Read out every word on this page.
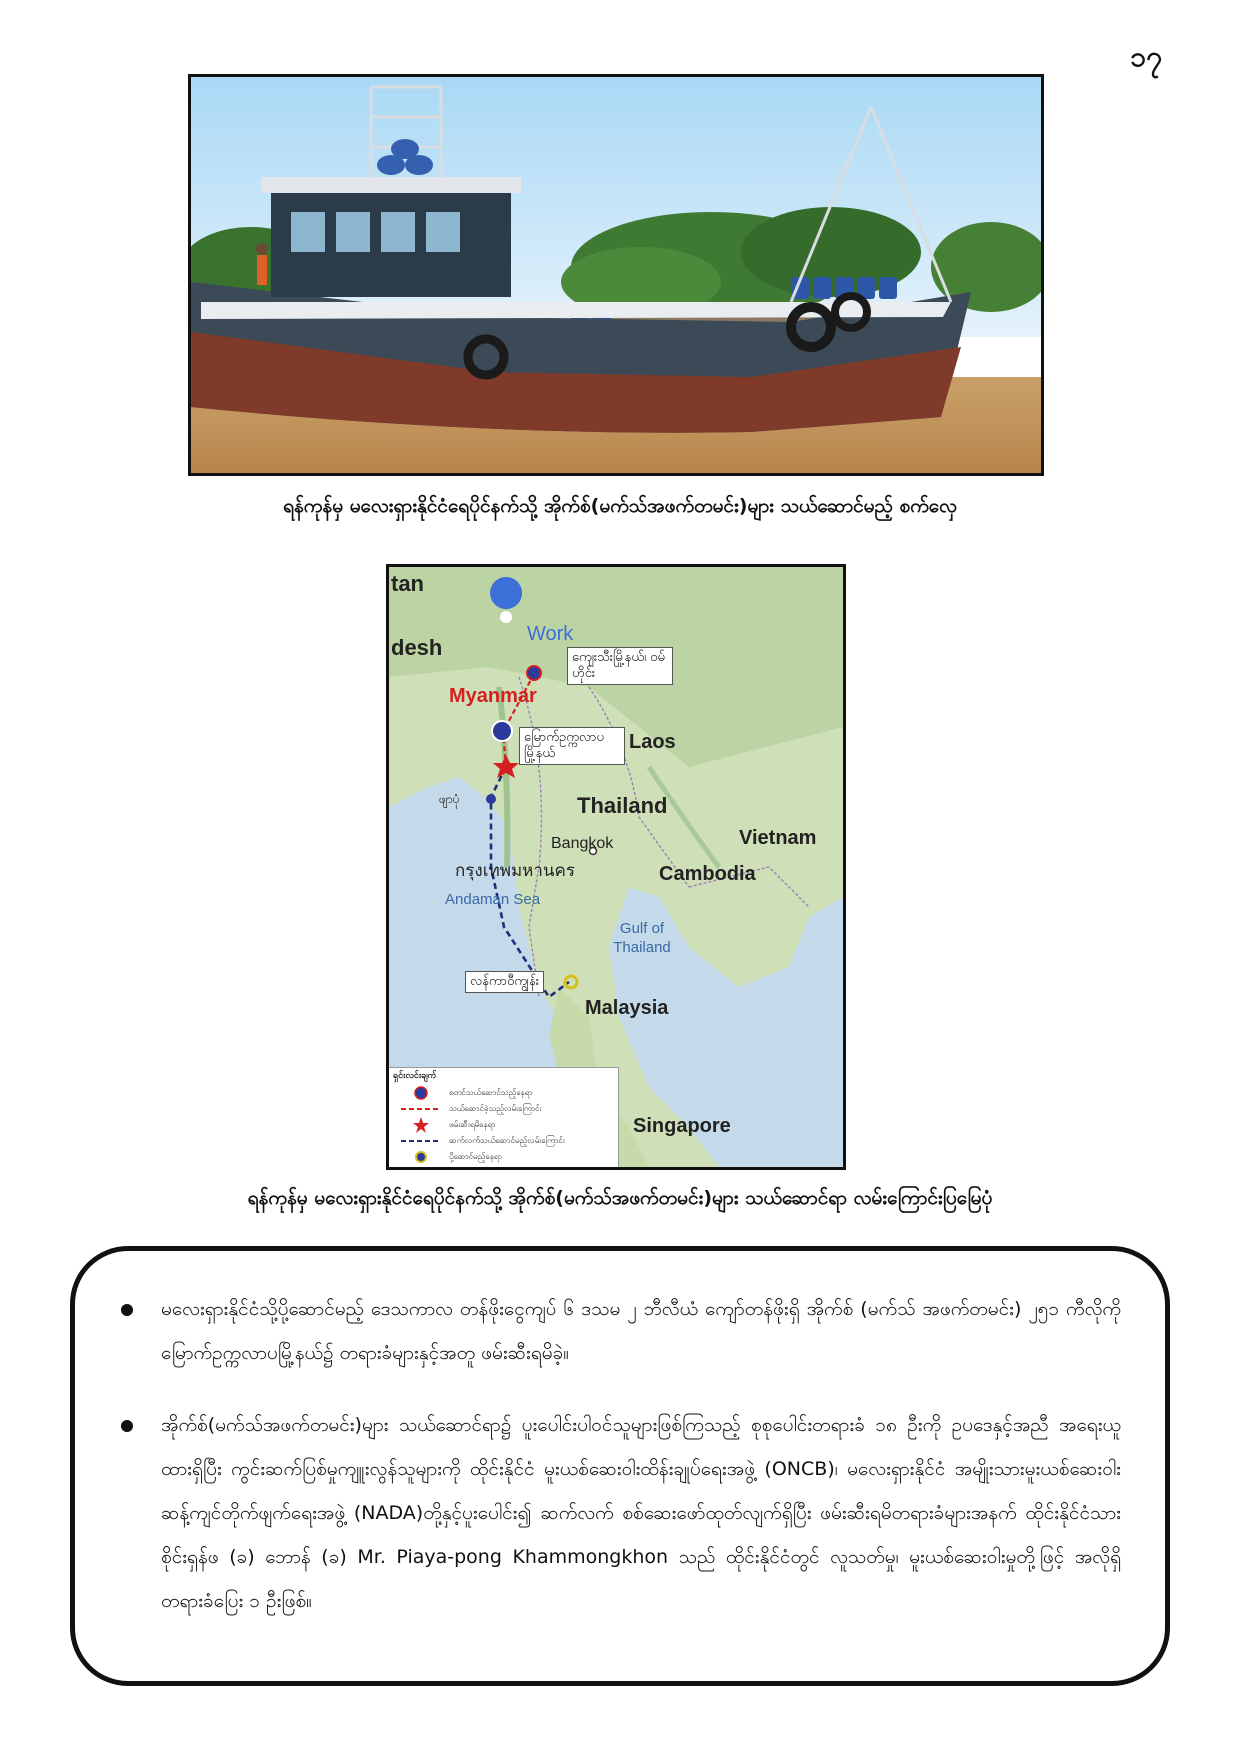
၁၇
ရန်ကုန်မှ မလေးရှားနိုင်ငံရေပိုင်နက်သို့ အိုက်စ်(မက်သ်အဖက်တမင်း)များ သယ်ဆောင်မည့် စက်လှေ
tan
desh
Work
Myanmar
Laos
Thailand
Vietnam
Bangkok
กรุงเทพมหานคร	Cambodia
Andaman Sea
Gulf of Thailand
Malaysia
Singapore
ကျေးသီးမြို့နယ်၊ ဝမ်ဟိုင်း
မြောက်ဥက္ကလာပ မြို့နယ်
ဖျာပုံ
လန်ကာဝီကျွန်း
ရှင်းလင်းချက်
စတင်သယ်ဆောင်သည့်နေရာ
သယ်ဆောင်ခဲ့သည့်လမ်းကြောင်း
ဖမ်းဆီးရမိနေရာ
ဆက်လက်သယ်ဆောင်မည့်လမ်းကြောင်း
ပို့ဆောင်မည့်နေရာ
ရန်ကုန်မှ မလေးရှားနိုင်ငံရေပိုင်နက်သို့ အိုက်စ်(မက်သ်အဖက်တမင်း)များ သယ်ဆောင်ရာ လမ်းကြောင်းပြမြေပုံ
မလေးရှားနိုင်ငံသို့ပို့ဆောင်မည့် ဒေသကာလ တန်ဖိုးငွေကျပ် ၆ ဒသမ ၂ ဘီလီယံ ကျော်တန်ဖိုးရှိ အိုက်စ် (မက်သ် အဖက်တမင်း) ၂၅၁ ကီလိုကို မြောက်ဥက္ကလာပမြို့နယ်၌ တရားခံများနှင့်အတူ ဖမ်းဆီးရမိခဲ့။
အိုက်စ်(မက်သ်အဖက်တမင်း)များ သယ်ဆောင်ရာ၌ ပူးပေါင်းပါဝင်သူများဖြစ်ကြသည့် စုစုပေါင်းတရားခံ ၁၈ ဦးကို ဥပဒေနှင့်အညီ အရေးယူထားရှိပြီး ကွင်းဆက်ပြစ်မှုကျူးလွန်သူများကို ထိုင်းနိုင်ငံ မူးယစ်ဆေးဝါးထိန်းချုပ်ရေးအဖွဲ့ (ONCB)၊ မလေးရှားနိုင်ငံ အမျိုးသားမူးယစ်ဆေးဝါးဆန့်ကျင်တိုက်ဖျက်ရေးအဖွဲ့ (NADA)တို့နှင့်ပူးပေါင်း၍ ဆက်လက် စစ်ဆေးဖော်ထုတ်လျက်ရှိပြီး ဖမ်းဆီးရမိတရားခံများအနက် ထိုင်းနိုင်ငံသား စိုင်းရှန်ဖ (ခ) ဘောန် (ခ) Mr. Piaya-pong Khammongkhon သည် ထိုင်းနိုင်ငံတွင် လူသတ်မှု၊ မူးယစ်ဆေးဝါးမှုတို့ဖြင့် အလိုရှိတရားခံပြေး ၁ ဦးဖြစ်။
